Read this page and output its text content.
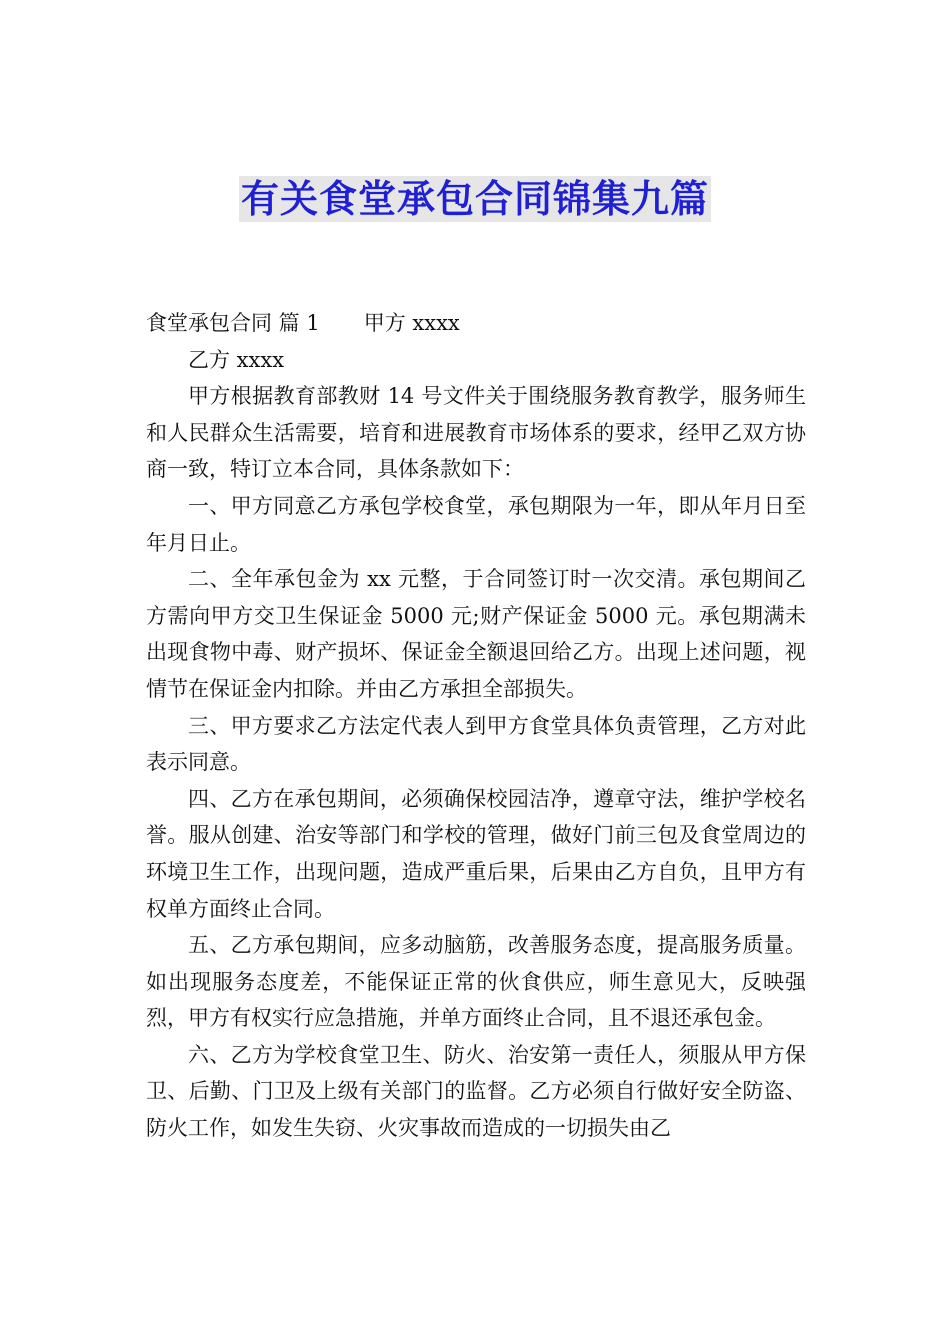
有关食堂承包合同锦集九篇

食堂承包合同 篇 1 甲方 xxxx

乙方 xxxx

甲方根据教育部教财 14 号文件关于围绕服务教育教学，服务师生和人民群众生活需要，培育和进展教育市场体系的要求，经甲乙双方协商一致，特订立本合同，具体条款如下：

一、甲方同意乙方承包学校食堂，承包期限为一年，即从年月日至年月日止。

二、全年承包金为 xx 元整，于合同签订时一次交清。承包期间乙方需向甲方交卫生保证金 5000 元;财产保证金 5000 元。承包期满未出现食物中毒、财产损坏、保证金全额退回给乙方。出现上述问题，视情节在保证金内扣除。并由乙方承担全部损失。

三、甲方要求乙方法定代表人到甲方食堂具体负责管理，乙方对此表示同意。

四、乙方在承包期间，必须确保校园洁净，遵章守法，维护学校名誉。服从创建、治安等部门和学校的管理，做好门前三包及食堂周边的环境卫生工作，出现问题，造成严重后果，后果由乙方自负，且甲方有权单方面终止合同。

五、乙方承包期间，应多动脑筋，改善服务态度，提高服务质量。如出现服务态度差，不能保证正常的伙食供应，师生意见大，反映强烈，甲方有权实行应急措施，并单方面终止合同，且不退还承包金。

六、乙方为学校食堂卫生、防火、治安第一责任人，须服从甲方保卫、后勤、门卫及上级有关部门的监督。乙方必须自行做好安全防盗、防火工作，如发生失窃、火灾事故而造成的一切损失由乙
